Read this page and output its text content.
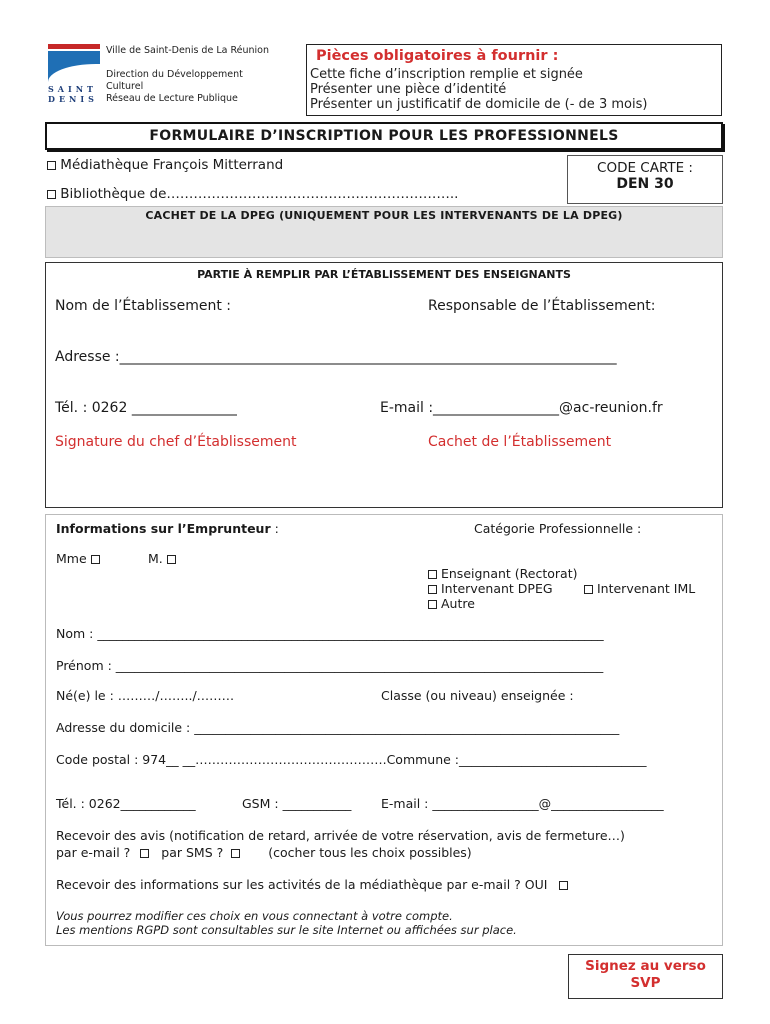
SAINT
DENIS
Ville de Saint-Denis de La Réunion
Direction du Développement
Culturel
Réseau de Lecture Publique
Pièces obligatoires à fournir :
Cette fiche d’inscription remplie et signée
Présenter une pièce d’identité
Présenter un justificatif de domicile de (- de 3 mois)
FORMULAIRE D’INSCRIPTION POUR LES PROFESSIONNELS
Médiathèque François Mitterrand
Bibliothèque de………………………………………………………..
CODE CARTE :
DEN 30
CACHET DE LA DPEG (UNIQUEMENT POUR LES INTERVENANTS DE LA DPEG)
PARTIE À REMPLIR PAR L’ÉTABLISSEMENT DES ENSEIGNANTS
Nom de l’Établissement :	Responsable de l’Établissement:
Adresse :_______________________________________________________________________
Tél. : 0262 _______________	E-mail :__________________@ac-reunion.fr
Signature du chef d’Établissement	Cachet de l’Établissement
Informations sur l’Emprunteur :	Catégorie Professionnelle :
Mme	M.
Enseignant (Rectorat)
Intervenant DPEG	Intervenant IML
Autre
Nom : _________________________________________________________________________________
Prénom : ______________________________________________________________________________
Né(e) le : ………/……../………	Classe (ou niveau) enseignée :
Adresse du domicile : ____________________________________________________________________
Code postal : 974__ __……………………………………….Commune :______________________________
Tél. : 0262____________	GSM : ___________ E-mail : _________________@__________________
Recevoir des avis (notification de retard, arrivée de votre réservation, avis de fermeture…)
par e-mail ? par SMS ?	(cocher tous les choix possibles)
Recevoir des informations sur les activités de la médiathèque par e-mail ? OUI
Vous pourrez modifier ces choix en vous connectant à votre compte.
Les mentions RGPD sont consultables sur le site Internet ou affichées sur place.
Signez au verso
SVP
